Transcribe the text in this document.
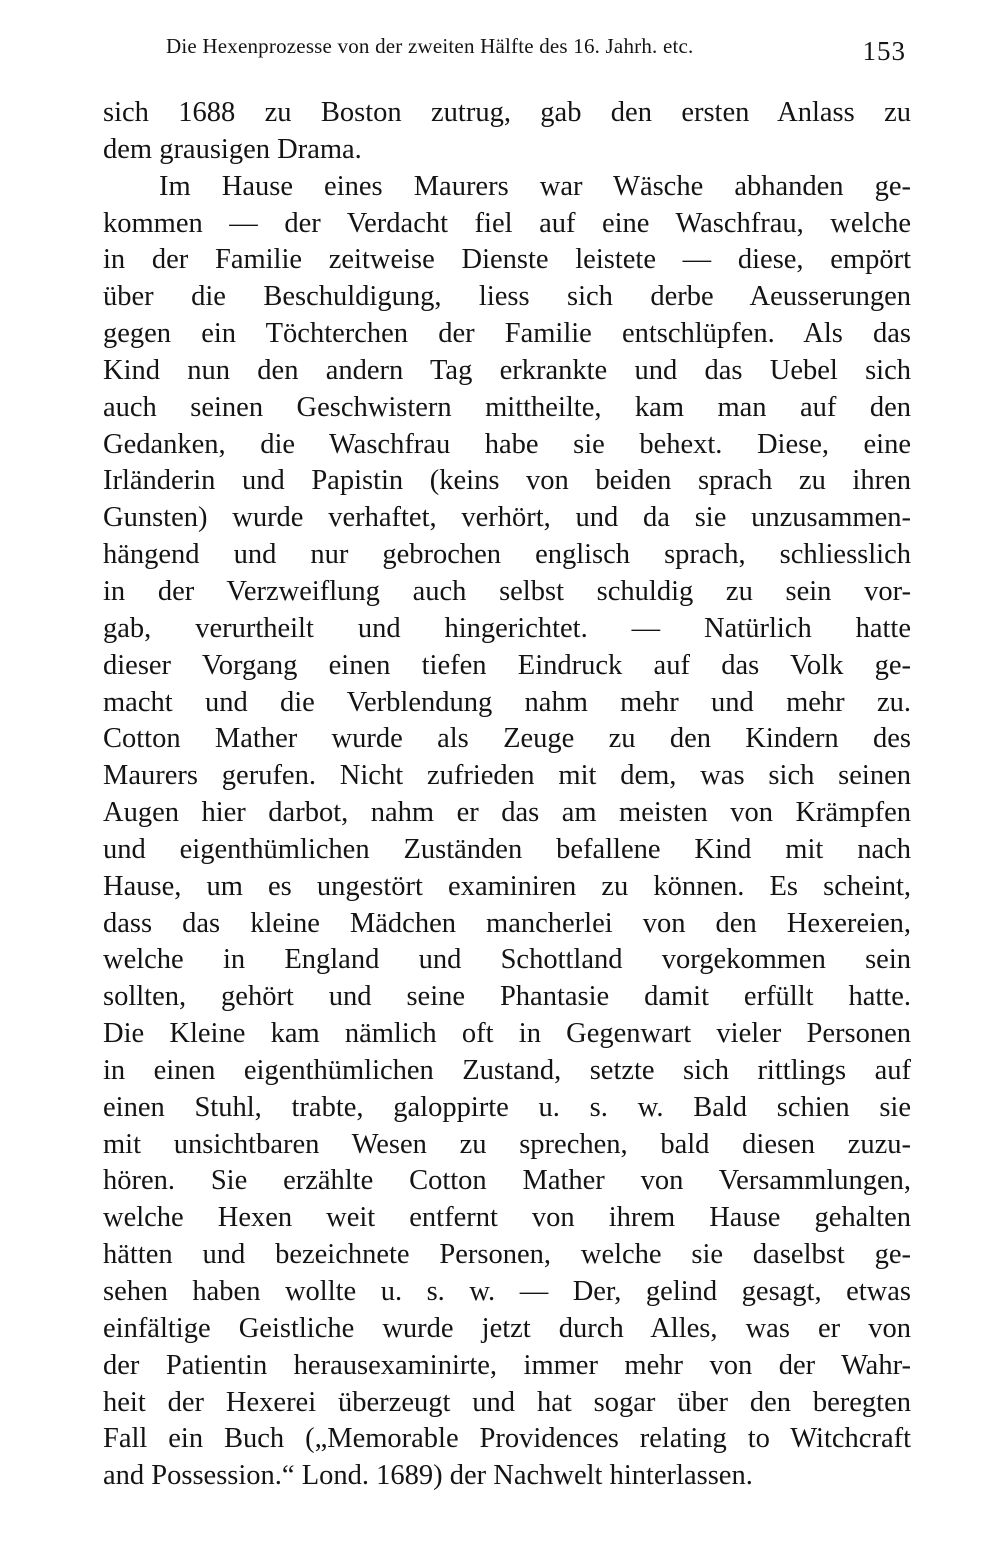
Die Hexenprozesse von der zweiten Hälfte des 16. Jahrh. etc.	153
sich 1688 zu Boston zutrug, gab den ersten Anlass zu
dem grausigen Drama.
Im Hause eines Maurers war Wäsche abhanden ge-
kommen — der Verdacht fiel auf eine Waschfrau, welche
in der Familie zeitweise Dienste leistete — diese, empört
über die Beschuldigung, liess sich derbe Aeusserungen
gegen ein Töchterchen der Familie entschlüpfen. Als das
Kind nun den andern Tag erkrankte und das Uebel sich
auch seinen Geschwistern mittheilte, kam man auf den
Gedanken, die Waschfrau habe sie behext. Diese, eine
Irländerin und Papistin (keins von beiden sprach zu ihren
Gunsten) wurde verhaftet, verhört, und da sie unzusammen-
hängend und nur gebrochen englisch sprach, schliesslich
in der Verzweiflung auch selbst schuldig zu sein vor-
gab, verurtheilt und hingerichtet. — Natürlich hatte
dieser Vorgang einen tiefen Eindruck auf das Volk ge-
macht und die Verblendung nahm mehr und mehr zu.
Cotton Mather wurde als Zeuge zu den Kindern des
Maurers gerufen. Nicht zufrieden mit dem, was sich seinen
Augen hier darbot, nahm er das am meisten von Krämpfen
und eigenthümlichen Zuständen befallene Kind mit nach
Hause, um es ungestört examiniren zu können. Es scheint,
dass das kleine Mädchen mancherlei von den Hexereien,
welche in England und Schottland vorgekommen sein
sollten, gehört und seine Phantasie damit erfüllt hatte.
Die Kleine kam nämlich oft in Gegenwart vieler Personen
in einen eigenthümlichen Zustand, setzte sich rittlings auf
einen Stuhl, trabte, galoppirte u. s. w. Bald schien sie
mit unsichtbaren Wesen zu sprechen, bald diesen zuzu-
hören. Sie erzählte Cotton Mather von Versammlungen,
welche Hexen weit entfernt von ihrem Hause gehalten
hätten und bezeichnete Personen, welche sie daselbst ge-
sehen haben wollte u. s. w. — Der, gelind gesagt, etwas
einfältige Geistliche wurde jetzt durch Alles, was er von
der Patientin herausexaminirte, immer mehr von der Wahr-
heit der Hexerei überzeugt und hat sogar über den beregten
Fall ein Buch („Memorable Providences relating to Witchcraft
and Possession.“ Lond. 1689) der Nachwelt hinterlassen.
